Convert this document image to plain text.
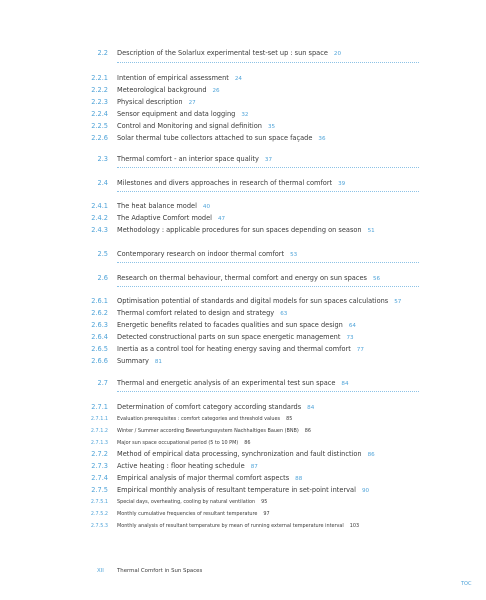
2.2 Description of the Solarlux experimental test-set up : sun space 20
2.2.1 Intention of empirical assessment 24
2.2.2 Meteorological background 26
2.2.3 Physical description 27
2.2.4 Sensor equipment and data logging 32
2.2.5 Control and Monitoring and signal definition 35
2.2.6 Solar thermal tube collectors attached to sun space façade 36
2.3 Thermal comfort - an interior space quality 37
2.4 Milestones and divers approaches in research of thermal comfort 39
2.4.1 The heat balance model 40
2.4.2 The Adaptive Comfort model 47
2.4.3 Methodology : applicable procedures for sun spaces depending on season 51
2.5 Contemporary research on indoor thermal comfort 53
2.6 Research on thermal behaviour, thermal comfort and energy on sun spaces 56
2.6.1 Optimisation potential of standards and digital models for sun spaces calculations 57
2.6.2 Thermal comfort related to design and strategy 63
2.6.3 Energetic benefits related to facades qualities and sun space design 64
2.6.4 Detected constructional parts on sun space energetic management 73
2.6.5 Inertia as a control tool for heating energy saving and thermal comfort 77
2.6.6 Summary 81
2.7 Thermal and energetic analysis of an experimental test sun space 84
2.7.1 Determination of comfort category according standards 84
2.7.1.1 Evaluation prerequisites : comfort categories and threshold values 85
2.7.1.2 Winter / Summer according Bewertungssystem Nachhaltiges Bauen (BNB) 86
2.7.1.3 Major sun space occupational period (5 to 10 PM) 86
2.7.2 Method of empirical data processing, synchronization and fault distinction 86
2.7.3 Active heating : floor heating schedule 87
2.7.4 Empirical analysis of major thermal comfort aspects 88
2.7.5 Empirical monthly analysis of resultant temperature in set-point interval 90
2.7.5.1 Special days, overheating, cooling by natural ventilation 95
2.7.5.2 Monthly cumulative frequencies of resultant temperature 97
2.7.5.3 Monthly analysis of resultant temperature by mean of running external temperature interval 103
XII Thermal Comfort in Sun Spaces
TOC
